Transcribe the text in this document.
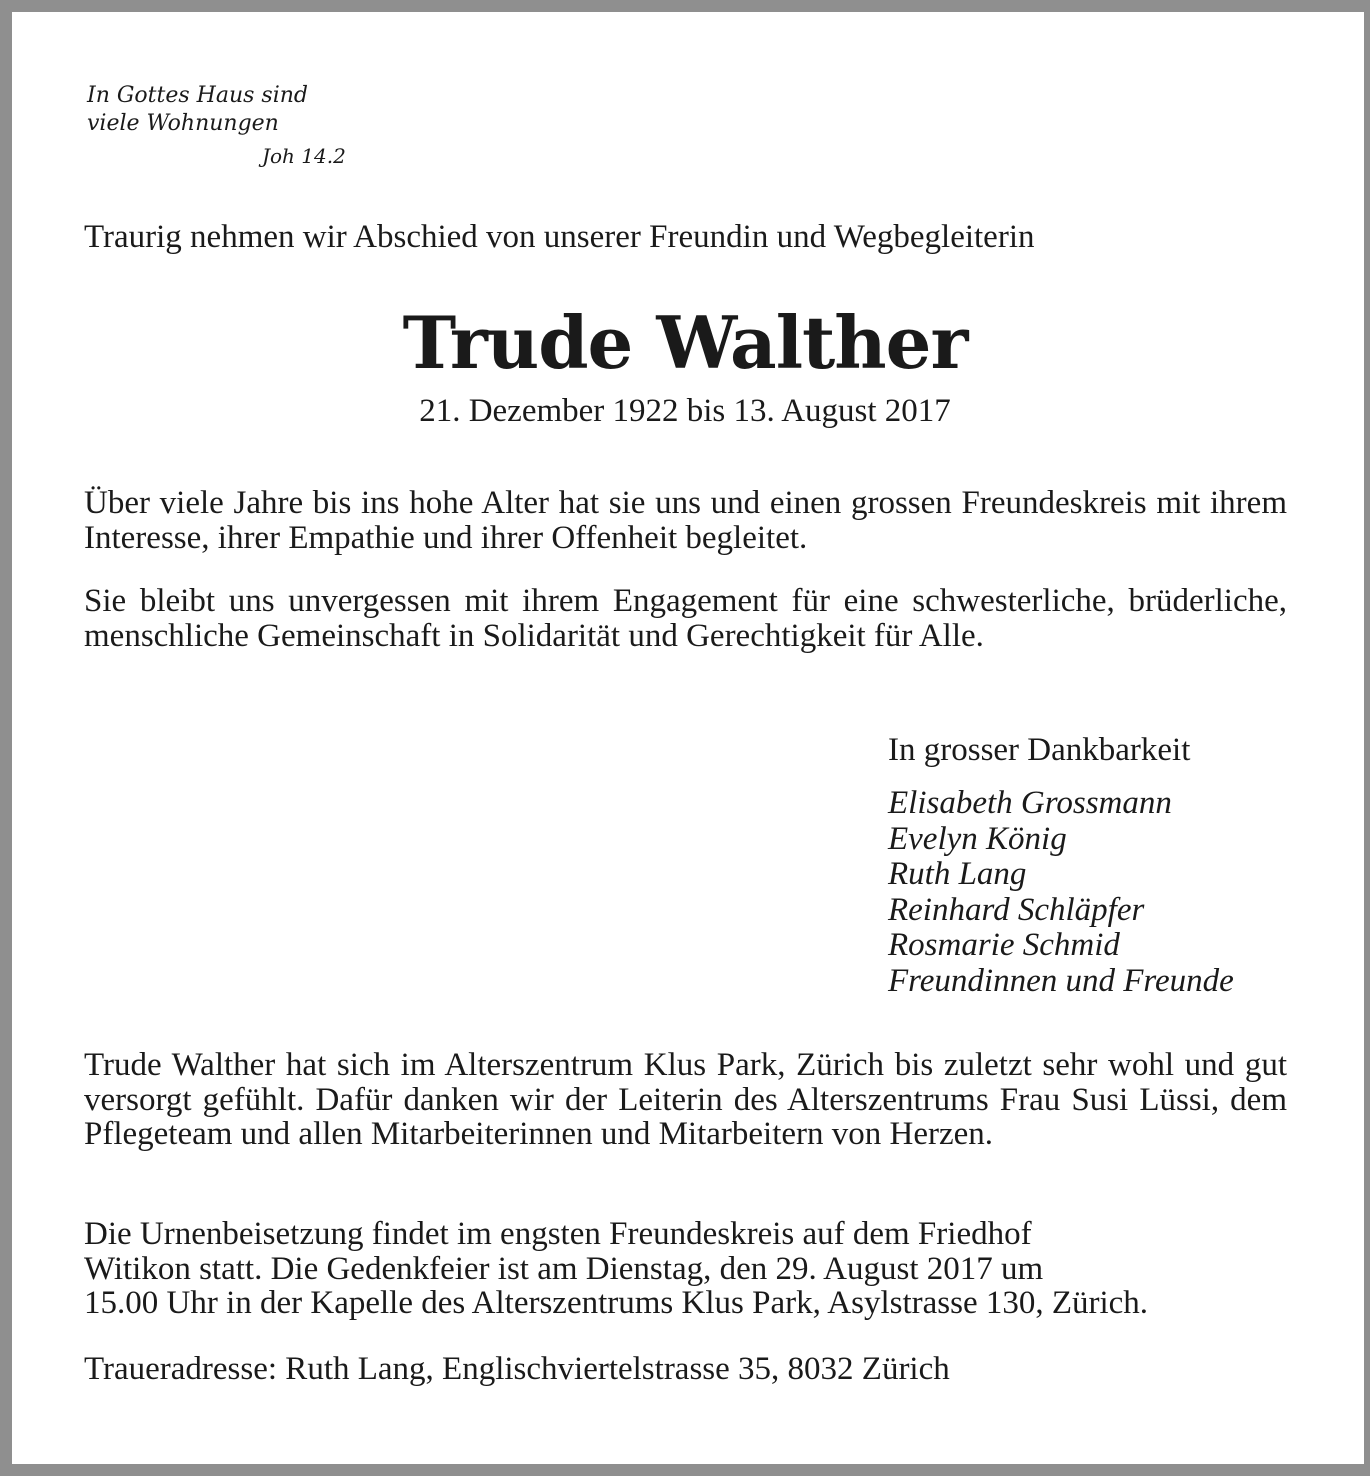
In Gottes Haus sind
viele Wohnungen
Joh 14.2
Traurig nehmen wir Abschied von unserer Freundin und Wegbegleiterin
Trude Walther
21. Dezember 1922 bis 13. August 2017

Über viele Jahre bis ins hohe Alter hat sie uns und einen grossen Freundeskreis mit ihrem Interesse, ihrer Empathie und ihrer Offenheit begleitet.

Sie bleibt uns unvergessen mit ihrem Engagement für eine schwesterliche, brüderliche, menschliche Gemeinschaft in Solidarität und Gerechtigkeit für Alle.

In grosser Dankbarkeit
Elisabeth Grossmann
Evelyn König
Ruth Lang
Reinhard Schläpfer
Rosmarie Schmid
Freundinnen und Freunde

Trude Walther hat sich im Alterszentrum Klus Park, Zürich bis zuletzt sehr wohl und gut versorgt gefühlt. Dafür danken wir der Leiterin des Alterszentrums Frau Susi Lüssi, dem Pflegeteam und allen Mitarbeiterinnen und Mitarbeitern von Herzen.

Die Urnenbeisetzung findet im engsten Freundeskreis auf dem Friedhof
Witikon statt. Die Gedenkfeier ist am Dienstag, den 29. August 2017 um
15.00 Uhr in der Kapelle des Alterszentrums Klus Park, Asylstrasse 130, Zürich.
Traueradresse: Ruth Lang, Englischviertelstrasse 35, 8032 Zürich
